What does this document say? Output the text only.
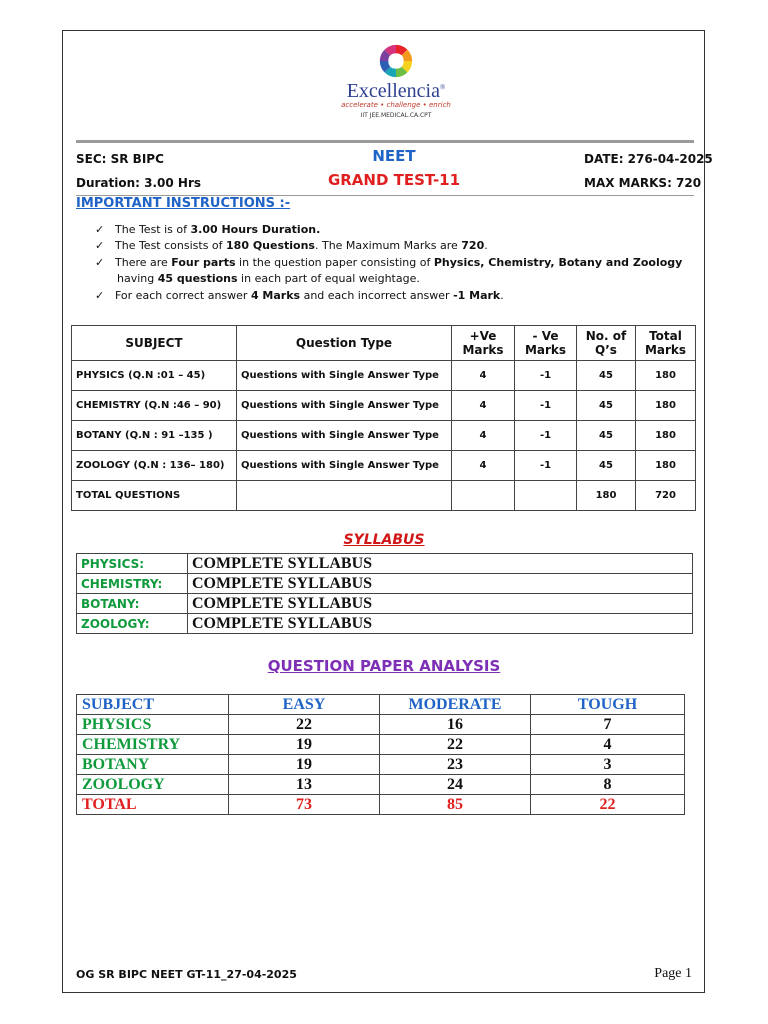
Excellencia®
accelerate • challenge • enrich
IIT JEE.MEDICAL.CA.CPT
SEC: SR BIPC	NEET	DATE: 276-04-2025
Duration: 3.00 Hrs	GRAND TEST-11	MAX MARKS: 720
IMPORTANT INSTRUCTIONS :-
✓ The Test is of 3.00 Hours Duration.
✓ The Test consists of 180 Questions. The Maximum Marks are 720.
✓ There are Four parts in the question paper consisting of Physics, Chemistry, Botany and Zoology
having 45 questions in each part of equal weightage.
✓ For each correct answer 4 Marks and each incorrect answer -1 Mark.
SUBJECT	Question Type	+Ve Marks	- Ve Marks	No. of Q’s	Total Marks
PHYSICS (Q.N :01 – 45)	Questions with Single Answer Type	4	-1	45	180
CHEMISTRY (Q.N :46 – 90)	Questions with Single Answer Type	4	-1	45	180
BOTANY (Q.N : 91 –135 )	Questions with Single Answer Type	4	-1	45	180
ZOOLOGY (Q.N : 136– 180)	Questions with Single Answer Type	4	-1	45	180
TOTAL QUESTIONS				180	720
SYLLABUS
PHYSICS:	COMPLETE SYLLABUS
CHEMISTRY:	COMPLETE SYLLABUS
BOTANY:	COMPLETE SYLLABUS
ZOOLOGY:	COMPLETE SYLLABUS
QUESTION PAPER ANALYSIS
SUBJECT	EASY	MODERATE	TOUGH
PHYSICS	22	16	7
CHEMISTRY	19	22	4
BOTANY	19	23	3
ZOOLOGY	13	24	8
TOTAL	73	85	22
OG SR BIPC NEET GT-11_27-04-2025	Page 1
